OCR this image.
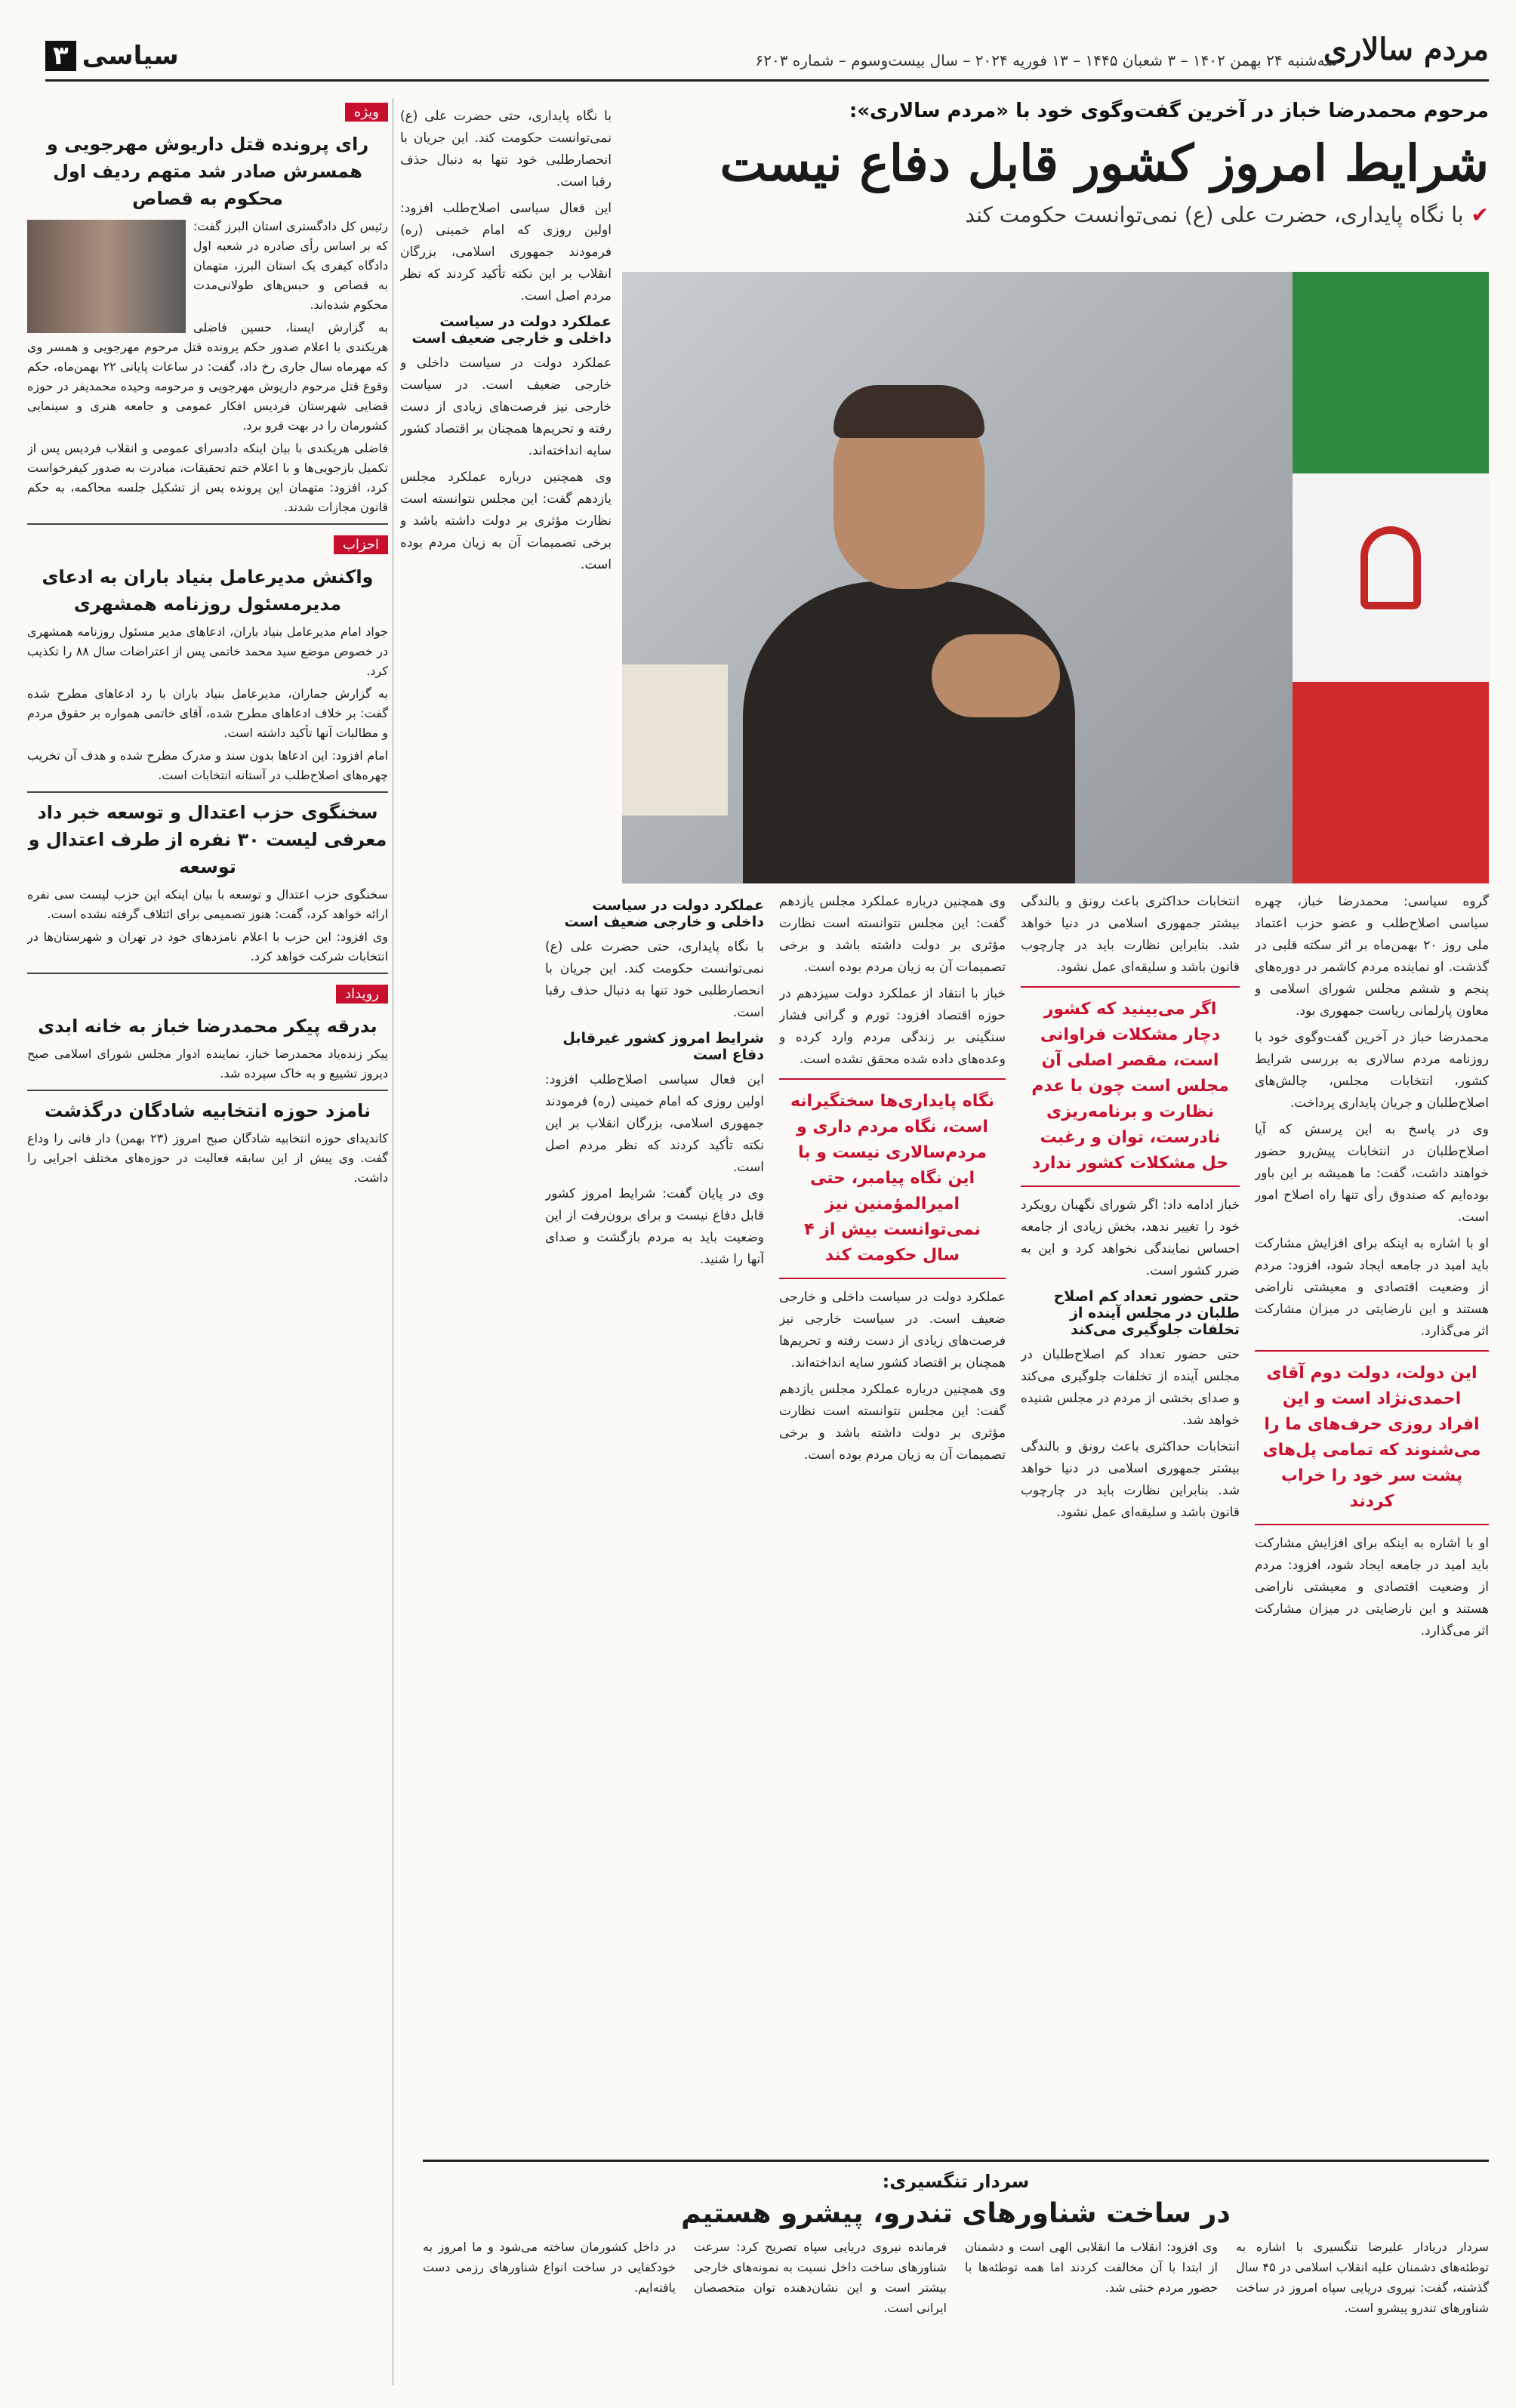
مردم سالاری
سه‌شنبه ۲۴ بهمن ۱۴۰۲ – ۳ شعبان ۱۴۴۵ – ۱۳ فوریه ۲۰۲۴ – سال بیست‌وسوم – شماره ۶۲۰۳
سیاسی۳
مرحوم محمدرضا خباز در آخرین گفت‌وگوی خود با «مردم سالاری»:
شرایط امروز کشور قابل دفاع نیست
✔با نگاه پایداری، حضرت علی (ع) نمی‌توانست حکومت کند

گروه سیاسی: محمدرضا خباز، چهره سیاسی اصلاح‌طلب و عضو حزب اعتماد ملی روز ۲۰ بهمن‌ماه بر اثر سکته قلبی در گذشت. او نماینده مردم کاشمر در دوره‌های پنجم و ششم مجلس شورای اسلامی و معاون پارلمانی ریاست جمهوری بود.

محمدرضا خباز در آخرین گفت‌وگوی خود با روزنامه مردم سالاری به بررسی شرایط کشور، انتخابات مجلس، چالش‌های اصلاح‌طلبان و جریان پایداری پرداخت.

وی در پاسخ به این پرسش که آیا اصلاح‌طلبان در انتخابات پیش‌رو حضور خواهند داشت، گفت: ما همیشه بر این باور بوده‌ایم که صندوق رأی تنها راه اصلاح امور است.

او با اشاره به اینکه برای افزایش مشارکت باید امید در جامعه ایجاد شود، افزود: مردم از وضعیت اقتصادی و معیشتی ناراضی هستند و این نارضایتی در میزان مشارکت اثر می‌گذارد.

این دولت، دولت دوم آقای احمدی‌نژاد است و این افراد روزی حرف‌های ما را می‌شنوند که تمامی پل‌های پشت سر خود را خراب کردند

او با اشاره به اینکه برای افزایش مشارکت باید امید در جامعه ایجاد شود، افزود: مردم از وضعیت اقتصادی و معیشتی ناراضی هستند و این نارضایتی در میزان مشارکت اثر می‌گذارد.

انتخابات حداکثری باعث رونق و بالندگی بیشتر جمهوری اسلامی در دنیا خواهد شد. بنابراین نظارت باید در چارچوب قانون باشد و سلیقه‌ای عمل نشود.

اگر می‌بینید که کشور دچار مشکلات فراوانی است، مقصر اصلی آن مجلس است چون با عدم نظارت و برنامه‌ریزی نادرست، توان و رغبت حل مشکلات کشور ندارد

خباز ادامه داد: اگر شورای نگهبان رویکرد خود را تغییر ندهد، بخش زیادی از جامعه احساس نمایندگی نخواهد کرد و این به ضرر کشور است.

حتی حضور تعداد کم اصلاح طلبان در مجلس آینده از تخلفات جلوگیری می‌کند

حتی حضور تعداد کم اصلاح‌طلبان در مجلس آینده از تخلفات جلوگیری می‌کند و صدای بخشی از مردم در مجلس شنیده خواهد شد.

انتخابات حداکثری باعث رونق و بالندگی بیشتر جمهوری اسلامی در دنیا خواهد شد. بنابراین نظارت باید در چارچوب قانون باشد و سلیقه‌ای عمل نشود.

وی همچنین درباره عملکرد مجلس یازدهم گفت: این مجلس نتوانسته است نظارت مؤثری بر دولت داشته باشد و برخی تصمیمات آن به زیان مردم بوده است.

خباز با انتقاد از عملکرد دولت سیزدهم در حوزه اقتصاد افزود: تورم و گرانی فشار سنگینی بر زندگی مردم وارد کرده و وعده‌های داده شده محقق نشده است.

نگاه پایداری‌ها سختگیرانه است، نگاه مردم داری و مردم‌سالاری نیست و با این نگاه پیامبر، حتی امیرالمؤمنین نیز نمی‌توانست بیش از ۴ سال حکومت کند

عملکرد دولت در سیاست داخلی و خارجی ضعیف است. در سیاست خارجی نیز فرصت‌های زیادی از دست رفته و تحریم‌ها همچنان بر اقتصاد کشور سایه انداخته‌اند.

وی همچنین درباره عملکرد مجلس یازدهم گفت: این مجلس نتوانسته است نظارت مؤثری بر دولت داشته باشد و برخی تصمیمات آن به زیان مردم بوده است.

عملکرد دولت در سیاست داخلی و خارجی ضعیف است

با نگاه پایداری، حتی حضرت علی (ع) نمی‌توانست حکومت کند. این جریان با انحصارطلبی خود تنها به دنبال حذف رقبا است.

شرایط امروز کشور غیرقابل دفاع است

این فعال سیاسی اصلاح‌طلب افزود: اولین روزی که امام خمینی (ره) فرمودند جمهوری اسلامی، بزرگان انقلاب بر این نکته تأکید کردند که نظر مردم اصل است.

وی در پایان گفت: شرایط امروز کشور قابل دفاع نیست و برای برون‌رفت از این وضعیت باید به مردم بازگشت و صدای آنها را شنید.

با نگاه پایداری، حتی حضرت علی (ع) نمی‌توانست حکومت کند. این جریان با انحصارطلبی خود تنها به دنبال حذف رقبا است.

این فعال سیاسی اصلاح‌طلب افزود: اولین روزی که امام خمینی (ره) فرمودند جمهوری اسلامی، بزرگان انقلاب بر این نکته تأکید کردند که نظر مردم اصل است.

عملکرد دولت در سیاست داخلی و خارجی ضعیف است

عملکرد دولت در سیاست داخلی و خارجی ضعیف است. در سیاست خارجی نیز فرصت‌های زیادی از دست رفته و تحریم‌ها همچنان بر اقتصاد کشور سایه انداخته‌اند.

وی همچنین درباره عملکرد مجلس یازدهم گفت: این مجلس نتوانسته است نظارت مؤثری بر دولت داشته باشد و برخی تصمیمات آن به زیان مردم بوده است.

سردار تنگسیری:
در ساخت شناورهای تندرو، پیشرو هستیم

سردار دریادار علیرضا تنگسیری با اشاره به توطئه‌های دشمنان علیه انقلاب اسلامی در ۴۵ سال گذشته، گفت: نیروی دریایی سپاه امروز در ساخت شناورهای تندرو پیشرو است.

وی افزود: انقلاب ما انقلابی الهی است و دشمنان از ابتدا با آن مخالفت کردند اما همه توطئه‌ها با حضور مردم خنثی شد.

فرمانده نیروی دریایی سپاه تصریح کرد: سرعت شناورهای ساخت داخل نسبت به نمونه‌های خارجی بیشتر است و این نشان‌دهنده توان متخصصان ایرانی است.

در داخل کشورمان ساخته می‌شود و ما امروز به خودکفایی در ساخت انواع شناورهای رزمی دست یافته‌ایم.

ویژه
رای پرونده قتل داریوش مهرجویی و همسرش صادر شد متهم ردیف اول محکوم به قصاص

رئیس کل دادگستری استان البرز گفت: که بر اساس رأی صادره در شعبه اول دادگاه کیفری یک استان البرز، متهمان به قصاص و حبس‌های طولانی‌مدت محکوم شده‌اند.

به گزارش ایسنا، حسین فاضلی هریکندی با اعلام صدور حکم پرونده قتل مرحوم مهرجویی و همسر وی که مهرماه سال جاری رخ داد، گفت: در ساعات پایانی ۲۲ بهمن‌ماه، حکم وقوع قتل مرحوم داریوش مهرجویی و مرحومه وحیده محمدیفر در حوزه قضایی شهرستان فردیس افکار عمومی و جامعه هنری و سینمایی کشورمان را در بهت فرو برد.

فاضلی هریکندی با بیان اینکه دادسرای عمومی و انقلاب فردیس پس از تکمیل بازجویی‌ها و با اعلام ختم تحقیقات، مبادرت به صدور کیفرخواست کرد، افزود: متهمان این پرونده پس از تشکیل جلسه محاکمه، به حکم قانون مجازات شدند.

احزاب
واکنش مدیرعامل بنیاد باران به ادعای مدیرمسئول روزنامه همشهری

جواد امام مدیرعامل بنیاد باران، ادعاهای مدیر مسئول روزنامه همشهری در خصوص موضع سید محمد خاتمی پس از اعتراضات سال ۸۸ را تکذیب کرد.

به گزارش جماران، مدیرعامل بنیاد باران با رد ادعاهای مطرح شده گفت: بر خلاف ادعاهای مطرح شده، آقای خاتمی همواره بر حقوق مردم و مطالبات آنها تأکید داشته است.

امام افزود: این ادعاها بدون سند و مدرک مطرح شده و هدف آن تخریب چهره‌های اصلاح‌طلب در آستانه انتخابات است.

سخنگوی حزب اعتدال و توسعه خبر داد معرفی لیست ۳۰ نفره از طرف اعتدال و توسعه

سخنگوی حزب اعتدال و توسعه با بیان اینکه این حزب لیست سی نفره ارائه خواهد کرد، گفت: هنوز تصمیمی برای ائتلاف گرفته نشده است.

وی افزود: این حزب با اعلام نامزدهای خود در تهران و شهرستان‌ها در انتخابات شرکت خواهد کرد.

رویداد
بدرقه پیکر محمدرضا خباز به خانه ابدی

پیکر زنده‌یاد محمدرضا خباز، نماینده ادوار مجلس شورای اسلامی صبح دیروز تشییع و به خاک سپرده شد.

نامزد حوزه انتخابیه شادگان درگذشت

کاندیدای حوزه انتخابیه شادگان صبح امروز (۲۳ بهمن) دار فانی را وداع گفت. وی پیش از این سابقه فعالیت در حوزه‌های مختلف اجرایی را داشت.
